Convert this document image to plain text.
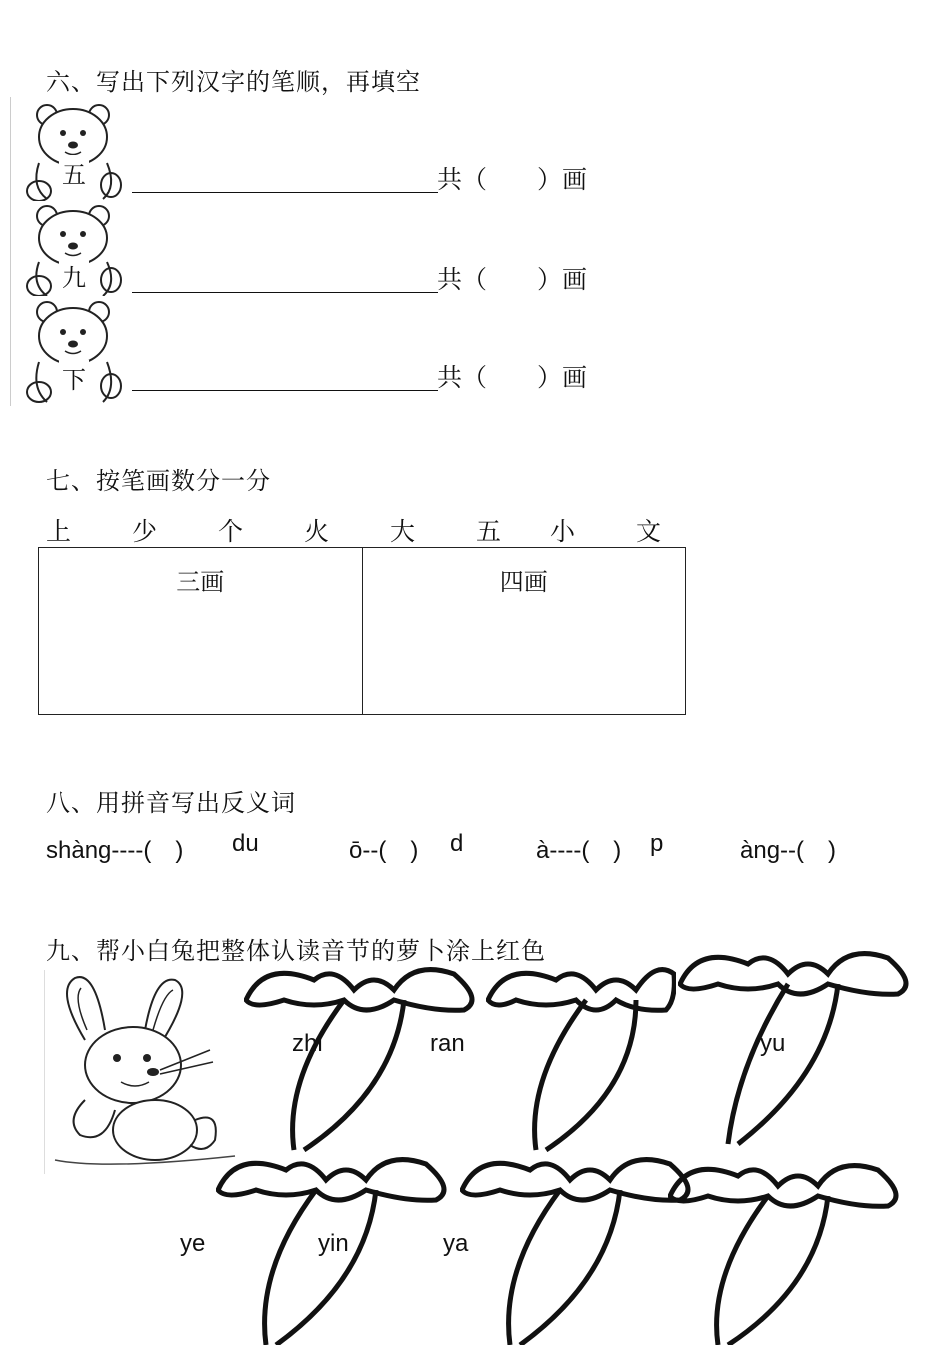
六、写出下列汉字的笔顺，再填空
五	共（　　）画
九	共（　　）画
下	共（　　）画
七、按笔画数分一分
上 少 个 火 大 五 小 文
三画	四画
八、用拼音写出反义词
shàng----(　) du	ō--(　) d	à----(　) p	àng--(　)
九、帮小白兔把整体认读音节的萝卜涂上红色
zhi	ran	yu
ye	yin	ya
